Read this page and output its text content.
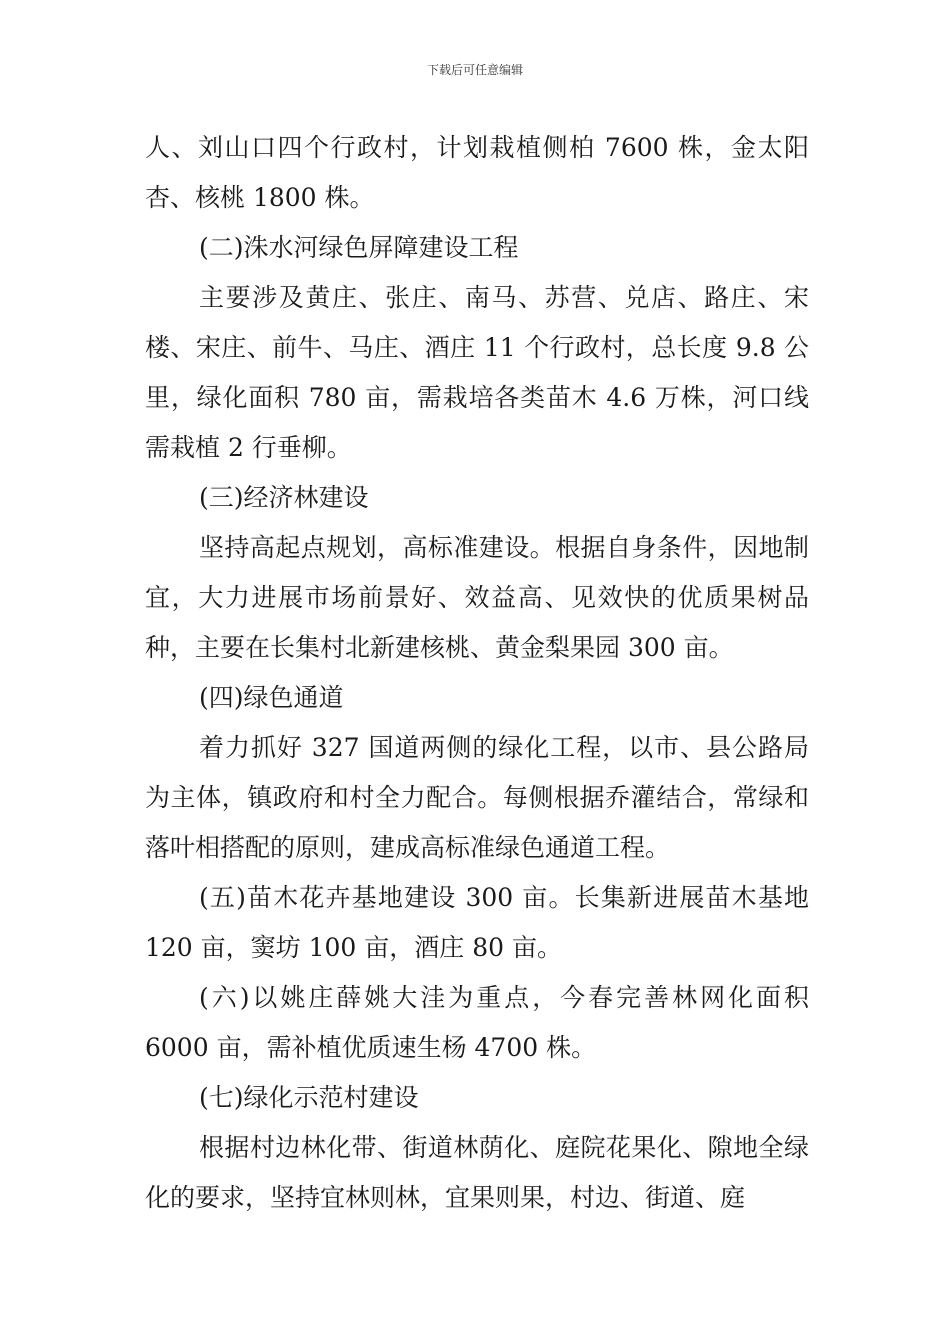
下载后可任意编辑

人、刘山口四个行政村，计划栽植侧柏 7600 株，金太阳杏、核桃 1800 株。

(二)洙水河绿色屏障建设工程

主要涉及黄庄、张庄、南马、苏营、兑店、路庄、宋楼、宋庄、前牛、马庄、酒庄 11 个行政村，总长度 9.8 公里，绿化面积 780 亩，需栽培各类苗木 4.6 万株，河口线需栽植 2 行垂柳。

(三)经济林建设

坚持高起点规划，高标准建设。根据自身条件，因地制宜，大力进展市场前景好、效益高、见效快的优质果树品种，主要在长集村北新建核桃、黄金梨果园 300 亩。

(四)绿色通道

着力抓好 327 国道两侧的绿化工程，以市、县公路局为主体，镇政府和村全力配合。每侧根据乔灌结合，常绿和落叶相搭配的原则，建成高标准绿色通道工程。

(五)苗木花卉基地建设 300 亩。长集新进展苗木基地 120 亩，窦坊 100 亩，酒庄 80 亩。

(六)以姚庄薛姚大洼为重点，今春完善林网化面积 6000 亩，需补植优质速生杨 4700 株。

(七)绿化示范村建设

根据村边林化带、街道林荫化、庭院花果化、隙地全绿化的要求，坚持宜林则林，宜果则果，村边、街道、庭
